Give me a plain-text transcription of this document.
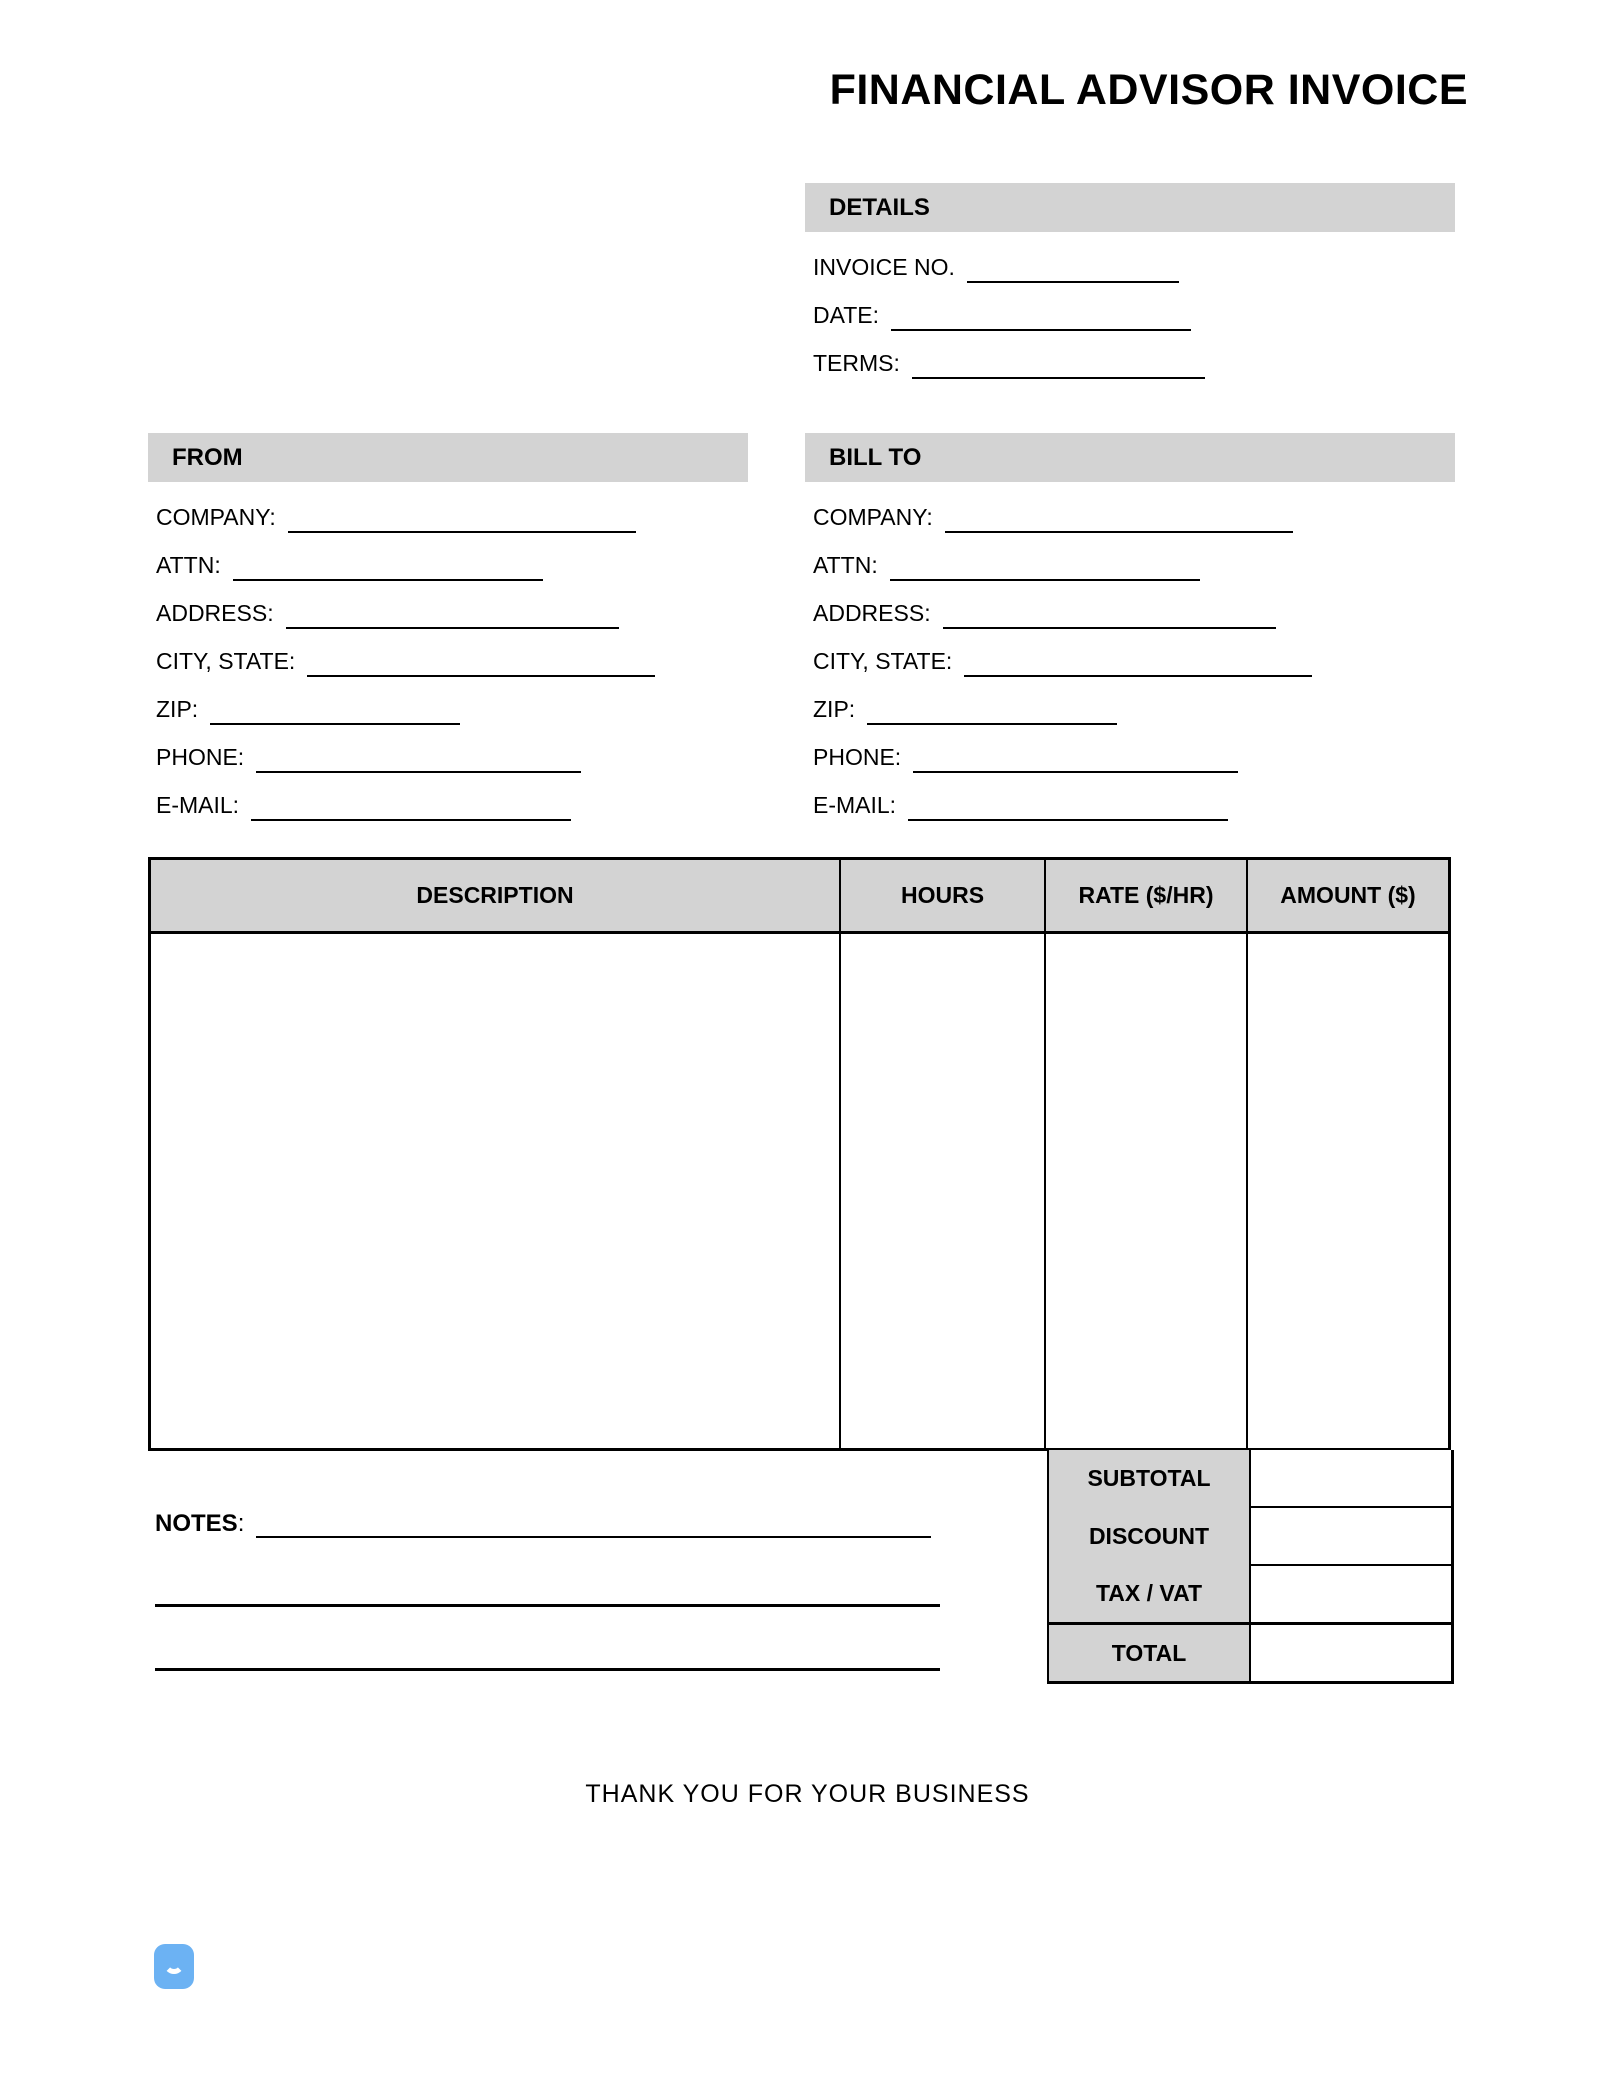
FINANCIAL ADVISOR INVOICE
DETAILS
INVOICE NO.
DATE:
TERMS:
FROM
COMPANY:
ATTN:
ADDRESS:
CITY, STATE:
ZIP:
PHONE:
E-MAIL:
BILL TO
COMPANY:
ATTN:
ADDRESS:
CITY, STATE:
ZIP:
PHONE:
E-MAIL:
DESCRIPTION	HOURS	RATE ($/HR)	AMOUNT ($)

SUBTOTAL	
DISCOUNT	
TAX / VAT	
TOTAL	
NOTES :
THANK YOU FOR YOUR BUSINESS
